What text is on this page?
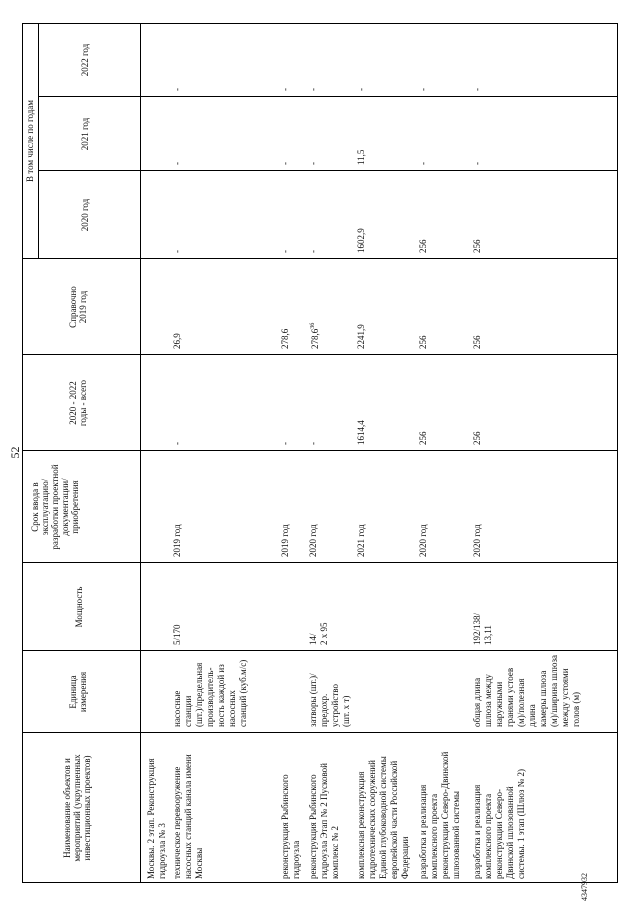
52
Наименование объектов и
мероприятий (укрупненных
инвестиционных проектов)
Единица
измерения
Мощность
Срок ввода в
эксплуатацию/
разработки проектной
документации/
приобретения
2020 - 2022
годы - всего
Справочно
2019 год
В том числе по годам
2020 год
2021 год
2022 год
Москвы. 2 этап. Реконструкция
гидроузла № 3
техническое перевооружение
насосных станций канала имени
Москвы
насосные
станции
(шт.)/предельная
производитель-
ность каждой из
насосных
станций (куб.м/с)
5/170
2019 год
-
26,9
-
-
-
реконструкция Рыбинского
гидроузла
2019 год
-
278,6
-
-
-
реконструкция Рыбинского
гидроузла Этап № 2 Пусковой
комплекс № 2
затворы (шт.)/
предохр.
устройство
(шт. х т)
14/
2 х 95
2020 год
-
$278,6^{3б}$
-
-
-
комплексная реконструкция
гидротехнических сооружений
Единой глубоководной системы
европейской части Российской
Федерации
2021 год
1614,4
2241,9
1602,9
11,5
-
разработка и реализация
комплексного проекта
реконструкции Северо-Двинской
шлюзованной системы
2020 год
256
256
256
-
-
разработка и реализация
комплексного проекта
реконструкции Северо-
Двинской шлюзованной
системы. 1 этап (Шлюз № 2)
общая длина
шлюза между
наружными
гранями устоев
(м)/полезная длина
камеры шлюза
(м)/ширина шлюза
между устоями
голов (м)
192/138/
13,11
2020 год
256
256
256
-
-
4347932
